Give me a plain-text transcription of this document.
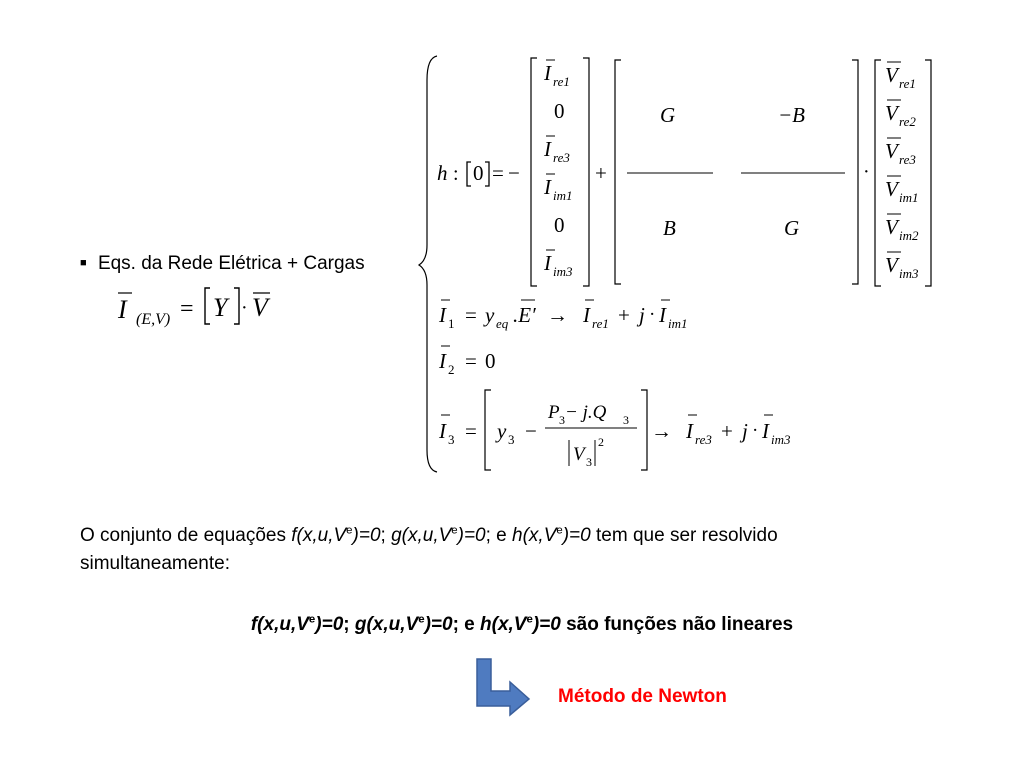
■ Eqs. da Rede Elétrica + Cargas
I (E,V) = Y · V
h : 0 = −
I re1
0
I re3
I im1
0
I im3
+
G	−B
B	G
·
V re1
V re2
V re3
V im1
V im2
V im3
I 1 = y eq .E′ → I re1 + j · I im1
I 2 = 0
I 3 = y 3 −
P 3 − j.Q 3
V 3
2 → I re3 + j · I im3
O conjunto de equações $f(x,u,V^e)=0$; $g(x,u,V^e)=0$; e $h(x,V^e)=0$ tem que ser resolvido
simultaneamente:
$f(x,u,V^e)=0$; $g(x,u,V^e)=0$; e $h(x,V^e)=0$ são funções não lineares
Método de Newton
